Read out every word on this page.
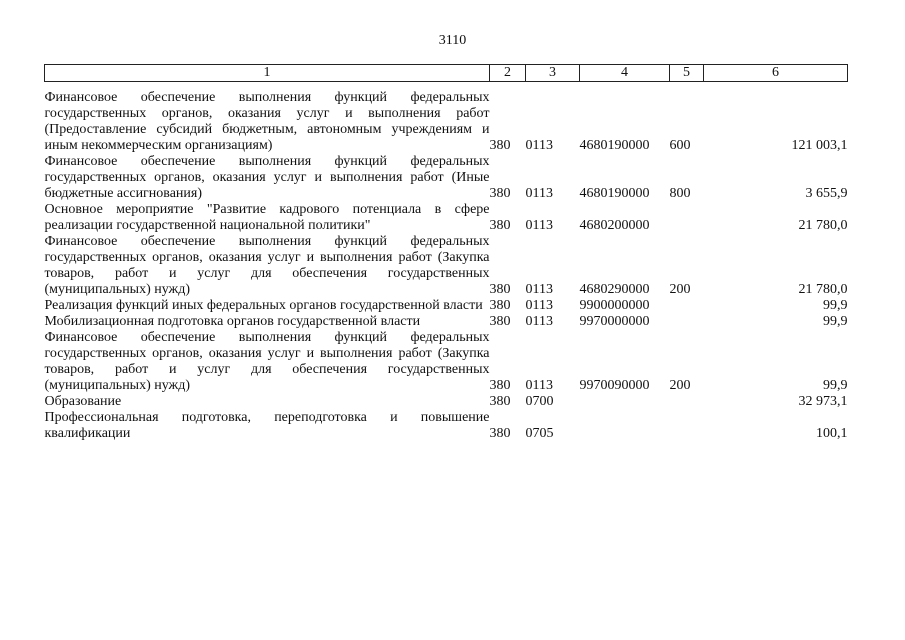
3110
1	2	3	4	5	6

Финансовое обеспечение выполнения функций федеральных государственных органов, оказания услуг и выполнения работ (Предоставление субсидий бюджетным, автономным учреждениям и иным некоммерческим организациям)	380	0113	4680190000	600	121 003,1

Финансовое обеспечение выполнения функций федеральных государственных органов, оказания услуг и выполнения работ (Иные бюджетные ассигнования)	380	0113	4680190000	800	3 655,9

Основное мероприятие "Развитие кадрового потенциала в сфере реализации государственной национальной политики"	380	0113	4680200000		21 780,0

Финансовое обеспечение выполнения функций федеральных государственных органов, оказания услуг и выполнения работ (Закупка товаров, работ и услуг для обеспечения государственных (муниципальных) нужд)	380	0113	4680290000	200	21 780,0

Реализация функций иных федеральных органов государственной власти	380	0113	9900000000		99,9

Мобилизационная подготовка органов государственной власти	380	0113	9970000000		99,9

Финансовое обеспечение выполнения функций федеральных государственных органов, оказания услуг и выполнения работ (Закупка товаров, работ и услуг для обеспечения государственных (муниципальных) нужд)	380	0113	9970090000	200	99,9

Образование	380	0700			32 973,1

Профессиональная подготовка, переподготовка и повышение квалификации	380	0705			100,1
